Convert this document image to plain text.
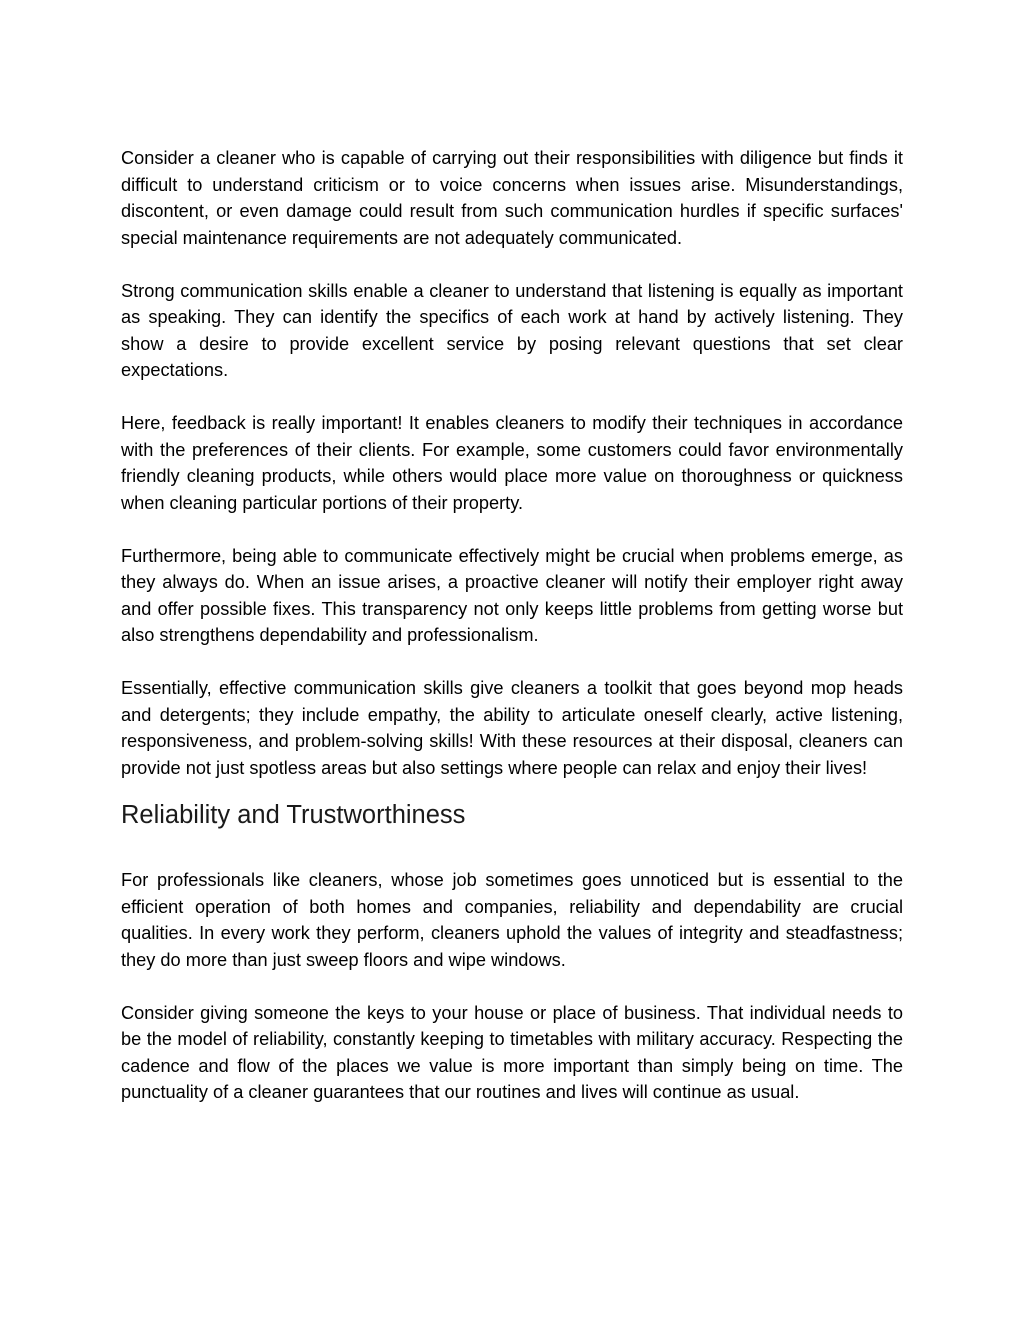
Consider a cleaner who is capable of carrying out their responsibilities with diligence but finds it difficult to understand criticism or to voice concerns when issues arise. Misunderstandings, discontent, or even damage could result from such communication hurdles if specific surfaces' special maintenance requirements are not adequately communicated.

Strong communication skills enable a cleaner to understand that listening is equally as important as speaking. They can identify the specifics of each work at hand by actively listening. They show a desire to provide excellent service by posing relevant questions that set clear expectations.

Here, feedback is really important! It enables cleaners to modify their techniques in accordance with the preferences of their clients. For example, some customers could favor environmentally friendly cleaning products, while others would place more value on thoroughness or quickness when cleaning particular portions of their property.

Furthermore, being able to communicate effectively might be crucial when problems emerge, as they always do. When an issue arises, a proactive cleaner will notify their employer right away and offer possible fixes. This transparency not only keeps little problems from getting worse but also strengthens dependability and professionalism.

Essentially, effective communication skills give cleaners a toolkit that goes beyond mop heads and detergents; they include empathy, the ability to articulate oneself clearly, active listening, responsiveness, and problem-solving skills! With these resources at their disposal, cleaners can provide not just spotless areas but also settings where people can relax and enjoy their lives!

Reliability and Trustworthiness

For professionals like cleaners, whose job sometimes goes unnoticed but is essential to the efficient operation of both homes and companies, reliability and dependability are crucial qualities. In every work they perform, cleaners uphold the values of integrity and steadfastness; they do more than just sweep floors and wipe windows.

Consider giving someone the keys to your house or place of business. That individual needs to be the model of reliability, constantly keeping to timetables with military accuracy. Respecting the cadence and flow of the places we value is more important than simply being on time. The punctuality of a cleaner guarantees that our routines and lives will continue as usual.
